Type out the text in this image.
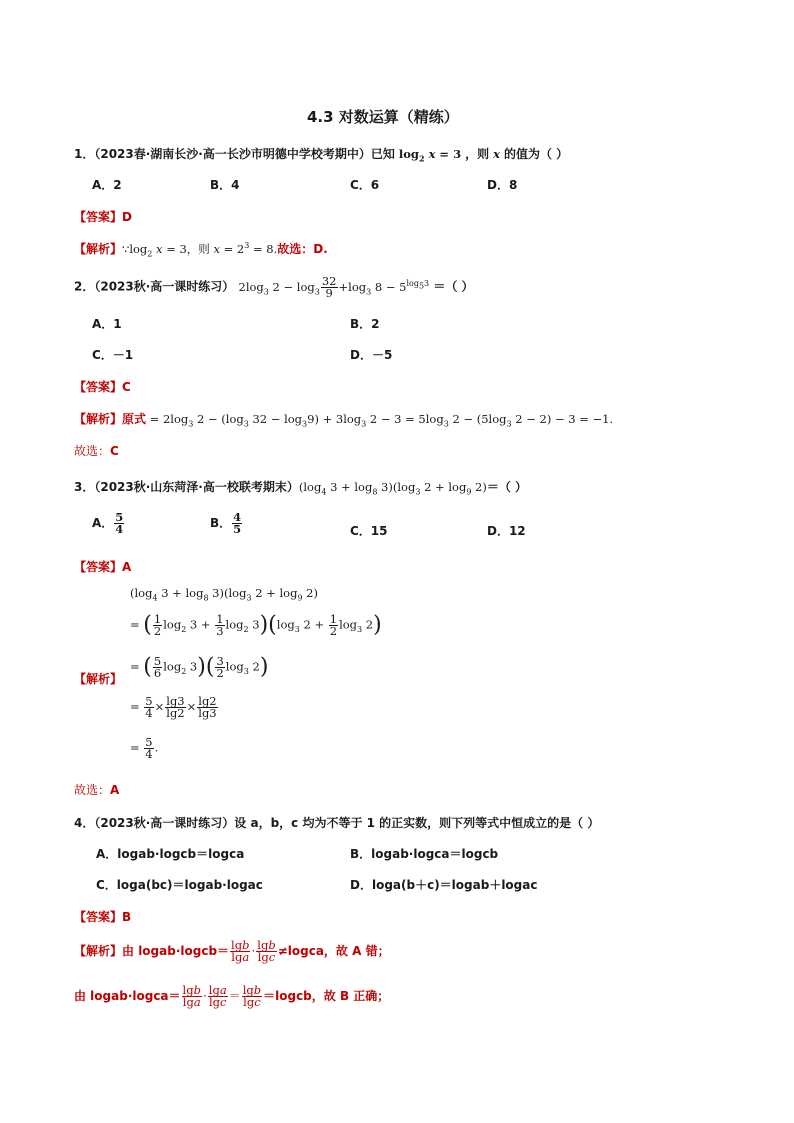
4.3 对数运算（精练）
1．（2023春·湖南长沙·高一长沙市明德中学校考期中）已知 $\log_2 x = 3$ ，则 x 的值为（ ）
A．2	B．4	C．6	D．8
【答案】D
【解析】$\because\log_2$ x = 3，则 $x = 2^3 = 8$.故选：D.
2．（2023秋·高一课时练习） $2\log_3$ $2 - \log_3 \frac{32}{9} +\log_3$ $8 - 5^{log_53}$ ＝（ ）
A．1	B．2
C．－1	D．－5
【答案】C
【解析】原式 = $2\log_3$ $2 - (\log_3$ $32 - \log_39) + 3\log_3$ $2 - 3 = 5\log_3$ $2 - (5\log_3$ 2 − 2) − 3 = −1.
故选：C
3．（2023秋·山东菏泽·高一校联考期末）($\log_4$ $3 + \log_8 3)(\log_3$ $2 + \log_9 2)=$（ ）
A． $\frac{5}{4}$	B． $\frac{4}{5}$	C．15	D．12
【答案】A
($\log_4$ $3 + \log_8 3)(\log_3$ $2 + \log_9 2$)
= ( $\frac{1}{2} \log_2 3 + \frac{1}{3} \log_2 3)(\log_3$ $2 + \frac{1}{2} \log_3 2$)
= ( $\frac{5}{6} \log_2 3)( \frac{3}{2} \log_3 2)$
【解析】
= $\frac{5}{4} \times \frac{\lg 3}{\lg 2} \times \frac{\lg 2}{\lg 3}$
= $\frac{5}{4}$ .
故选：A
4．（2023秋·高一课时练习）设 a，b，c 均为不等于 1 的正实数，则下列等式中恒成立的是（ ）
A．logab·logcb＝logca	B．logab·logca＝logcb
C．loga(bc)＝logab·logac	D．loga(b＋c)＝logab＋logac
【答案】B
【解析】由 logab·logcb＝ $\frac{\lg b}{\lg a} \cdot \frac{\lg b}{\lg c}$ ≠logca，故 A 错；
由 logab·logca＝ $\frac{\lg b}{\lg a} \cdot \frac{\lg a}{\lg c} = \frac{\lg b}{\lg c}$ ＝logcb，故 B 正确；
